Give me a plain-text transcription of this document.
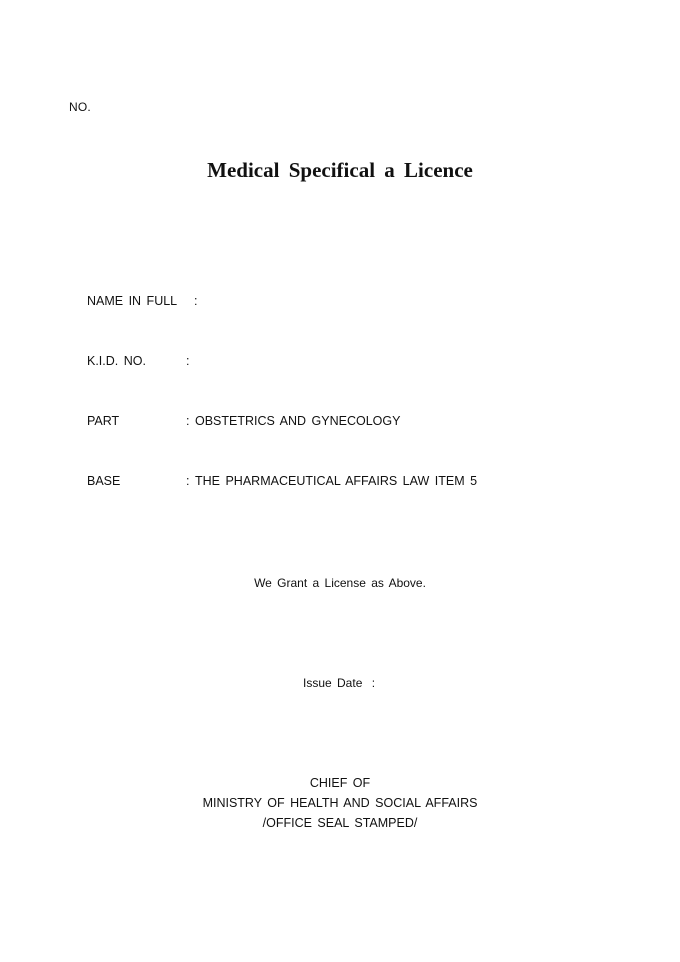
NO.
Medical Specifical a Licence
NAME IN FULL :
K.I.D. NO.	:
PART	: OBSTETRICS AND GYNECOLOGY
BASE	: THE PHARMACEUTICAL AFFAIRS LAW ITEM 5
We Grant a License as Above.
Issue Date :
CHIEF OF
MINISTRY OF HEALTH AND SOCIAL AFFAIRS
/OFFICE SEAL STAMPED/
